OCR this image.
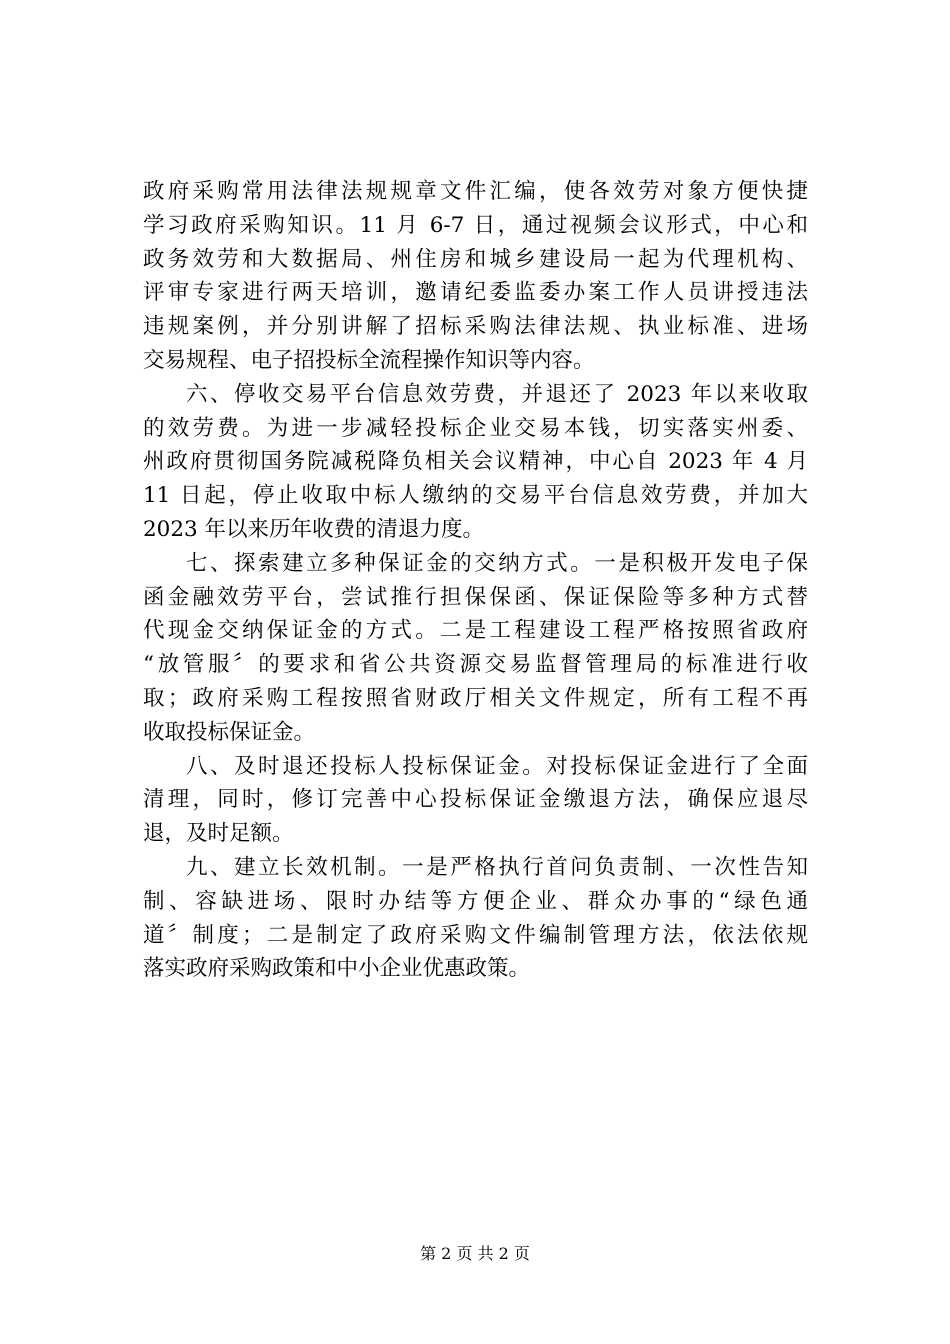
政府采购常用法律法规规章文件汇编，使各效劳对象方便快捷
学习政府采购知识。11 月 6-7 日，通过视频会议形式，中心和
政务效劳和大数据局、州住房和城乡建设局一起为代理机构、
评审专家进行两天培训，邀请纪委监委办案工作人员讲授违法
违规案例，并分别讲解了招标采购法律法规、执业标准、进场
交易规程、电子招投标全流程操作知识等内容。
六、停收交易平台信息效劳费，并退还了 2023 年以来收取
的效劳费。为进一步减轻投标企业交易本钱，切实落实州委、
州政府贯彻国务院减税降负相关会议精神，中心自 2023 年 4 月
11 日起，停止收取中标人缴纳的交易平台信息效劳费，并加大
2023 年以来历年收费的清退力度。
七、探索建立多种保证金的交纳方式。一是积极开发电子保
函金融效劳平台，尝试推行担保保函、保证保险等多种方式替
代现金交纳保证金的方式。二是工程建设工程严格按照省政府
“放管服〞的要求和省公共资源交易监督管理局的标准进行收
取；政府采购工程按照省财政厅相关文件规定，所有工程不再
收取投标保证金。
八、及时退还投标人投标保证金。对投标保证金进行了全面
清理，同时，修订完善中心投标保证金缴退方法，确保应退尽
退，及时足额。
九、建立长效机制。一是严格执行首问负责制、一次性告知
制、容缺进场、限时办结等方便企业、群众办事的“绿色通
道〞制度；二是制定了政府采购文件编制管理方法，依法依规
落实政府采购政策和中小企业优惠政策。
第 2 页 共 2 页
